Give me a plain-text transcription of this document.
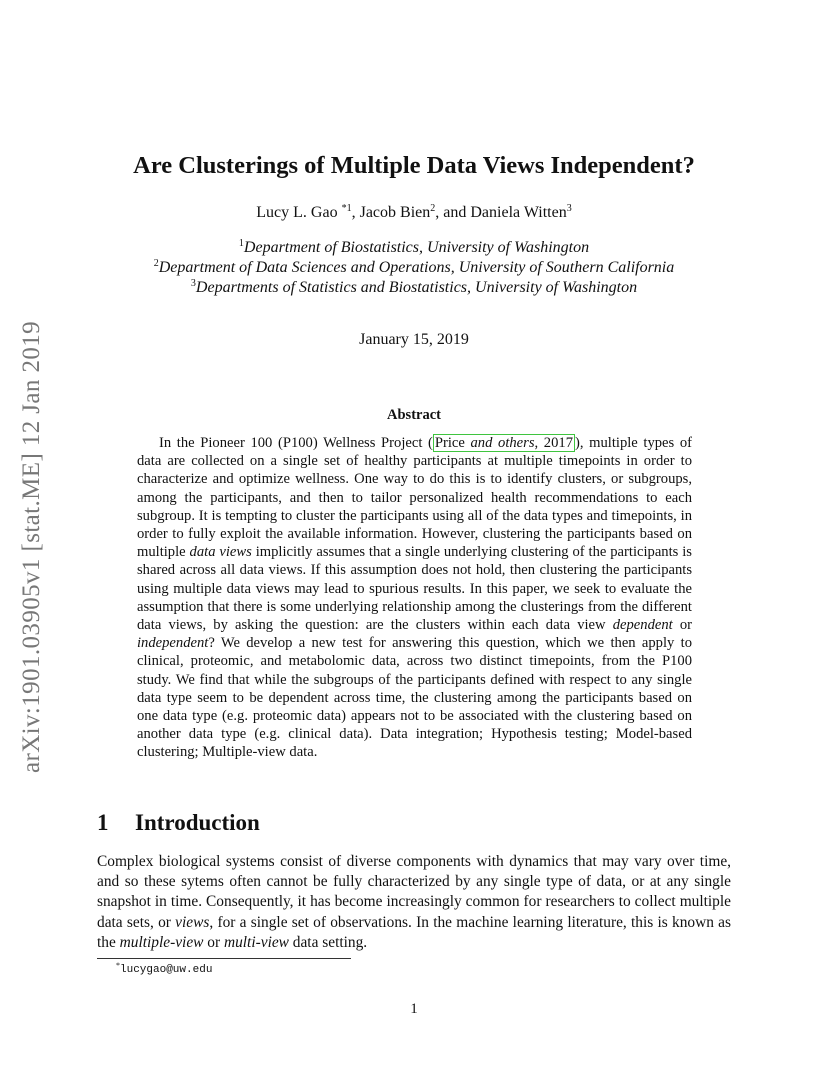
arXiv:1901.03905v1 [stat.ME] 12 Jan 2019
Are Clusterings of Multiple Data Views Independent?
Lucy L. Gao $^{*1}$, Jacob Bien$^2$, and Daniela Witten$^3$
$^1$Department of Biostatistics, University of Washington
$^2$Department of Data Sciences and Operations, University of Southern California
$^3$Departments of Statistics and Biostatistics, University of Washington
January 15, 2019
Abstract

In the Pioneer 100 (P100) Wellness Project ( Price and others, 2017 ), multiple types of data are collected on a single set of healthy participants at multiple timepoints in order to characterize and optimize wellness. One way to do this is to identify clusters, or subgroups, among the participants, and then to tailor personalized health recommendations to each subgroup. It is tempting to cluster the participants using all of the data types and timepoints, in order to fully exploit the available information. However, clustering the participants based on multiple data views implicitly assumes that a single underlying clustering of the participants is shared across all data views. If this assumption does not hold, then clustering the participants using multiple data views may lead to spurious results. In this paper, we seek to evaluate the assumption that there is some underlying relationship among the clusterings from the different data views, by asking the question: are the clusters within each data view dependent or independent? We develop a new test for answering this question, which we then apply to clinical, proteomic, and metabolomic data, across two distinct timepoints, from the P100 study. We find that while the subgroups of the participants defined with respect to any single data type seem to be dependent across time, the clustering among the participants based on one data type (e.g. proteomic data) appears not to be associated with the clustering based on another data type (e.g. clinical data). Data integration; Hypothesis testing; Model-based clustering; Multiple-view data.

1 Introduction

Complex biological systems consist of diverse components with dynamics that may vary over time, and so these sytems often cannot be fully characterized by any single type of data, or at any single snapshot in time. Consequently, it has become increasingly common for researchers to collect multiple data sets, or views, for a single set of observations. In the machine learning literature, this is known as the multiple-view or multi-view data setting.

*lucygao@uw.edu
1
